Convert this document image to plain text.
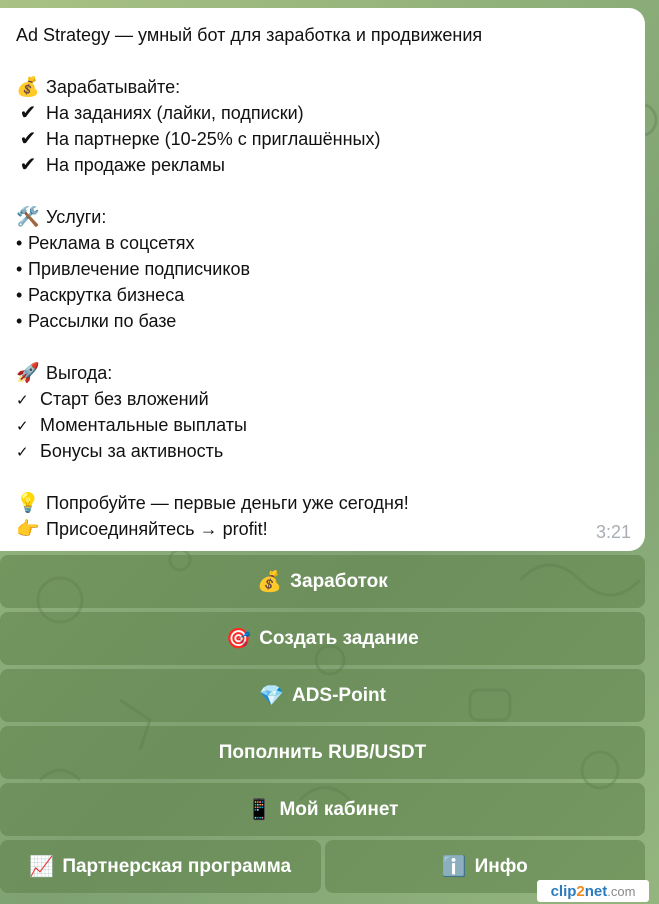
Ad Strategy — умный бот для заработка и продвижения
💰 Зарабатывайте:
✔ На заданиях (лайки, подписки)
✔ На партнерке (10-25% с приглашённых)
✔ На продаже рекламы
🛠️ Услуги:
• Реклама в соцсетях
• Привлечение подписчиков
• Раскрутка бизнеса
• Рассылки по базе
🚀 Выгода:
✓ Старт без вложений
✓ Моментальные выплаты
✓ Бонусы за активность
💡 Попробуйте — первые деньги уже сегодня!
👉 Присоединяйтесь → profit!	3:21
💰 Заработок
🎯 Создать задание
💎 ADS-Point
Пополнить RUB/USDT
📱 Мой кабинет
📈 Партнерская программа	ℹ️ Инфо
clip 2 net .com
